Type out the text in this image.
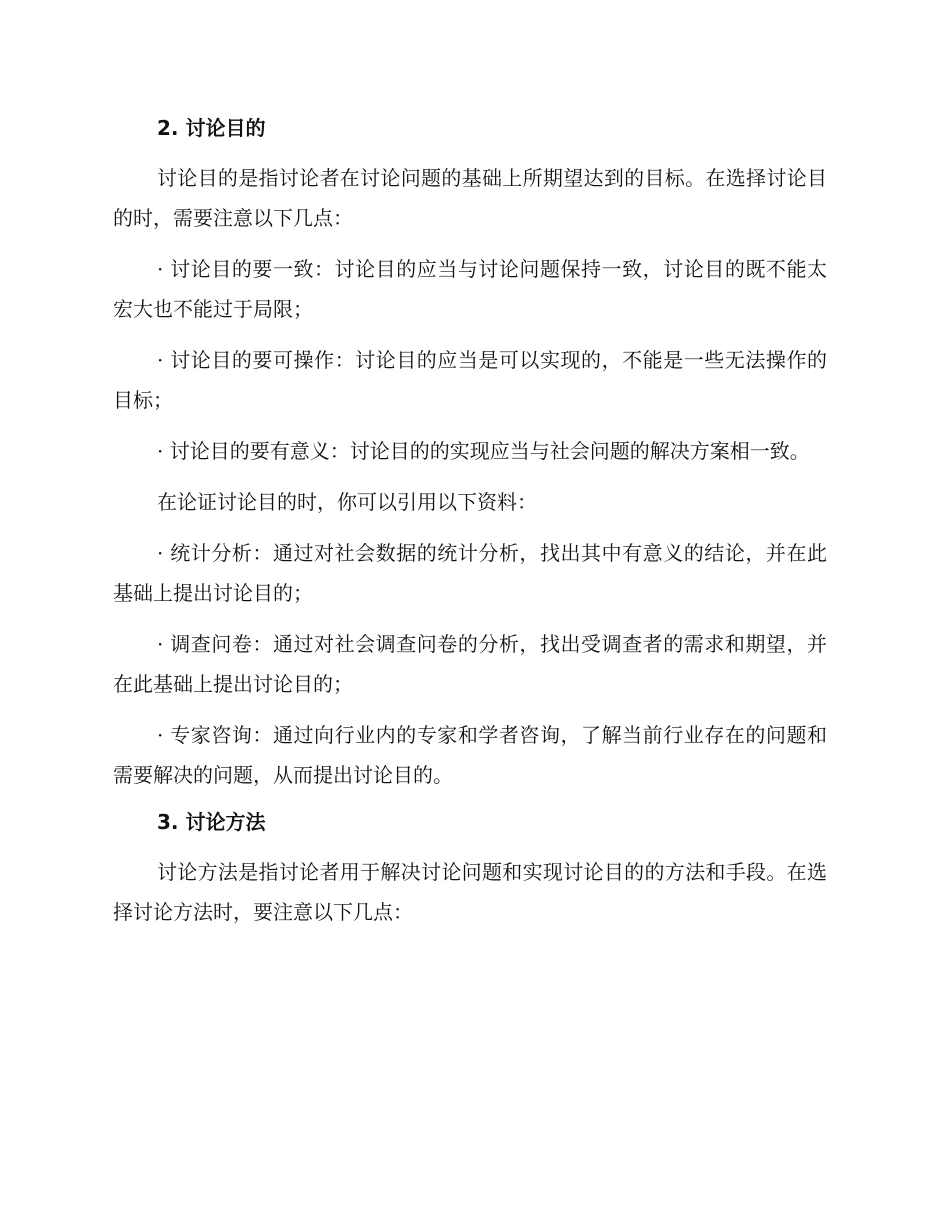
2. 讨论目的

讨论目的是指讨论者在讨论问题的基础上所期望达到的目标。在选择讨论目的时，需要注意以下几点：

· 讨论目的要一致：讨论目的应当与讨论问题保持一致，讨论目的既不能太宏大也不能过于局限；

· 讨论目的要可操作：讨论目的应当是可以实现的，不能是一些无法操作的目标；

· 讨论目的要有意义：讨论目的的实现应当与社会问题的解决方案相一致。

在论证讨论目的时，你可以引用以下资料：

· 统计分析：通过对社会数据的统计分析，找出其中有意义的结论，并在此基础上提出讨论目的；

· 调查问卷：通过对社会调查问卷的分析，找出受调查者的需求和期望，并在此基础上提出讨论目的；

· 专家咨询：通过向行业内的专家和学者咨询，了解当前行业存在的问题和需要解决的问题，从而提出讨论目的。

3. 讨论方法

讨论方法是指讨论者用于解决讨论问题和实现讨论目的的方法和手段。在选择讨论方法时，要注意以下几点：
